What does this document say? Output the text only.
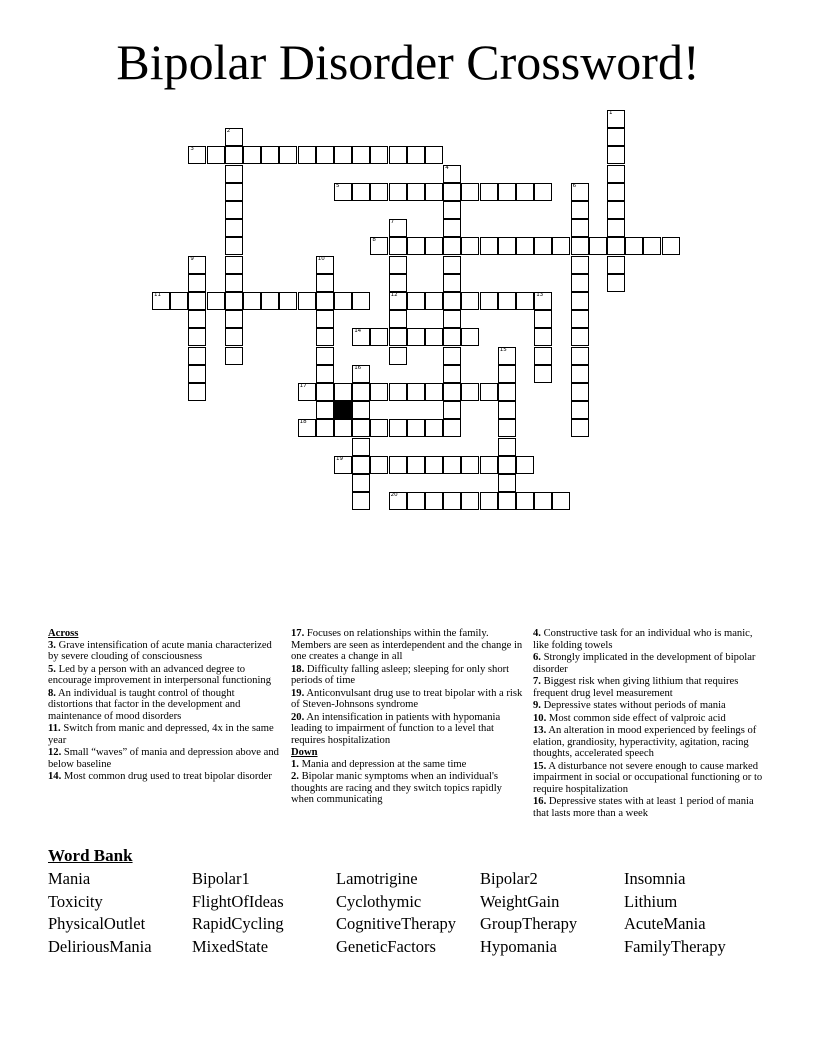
Bipolar Disorder Crossword!
1
2
3
4
5	6
7
12
8
9	10
11	13
14
15
16
17
18
19
20
Across
3. Grave intensification of acute mania characterized by severe clouding of consciousness
5. Led by a person with an advanced degree to encourage improvement in interpersonal functioning
8. An individual is taught control of thought distortions that factor in the development and maintenance of mood disorders
11. Switch from manic and depressed, 4x in the same year
12. Small “waves” of mania and depression above and below baseline
14. Most common drug used to treat bipolar disorder
17. Focuses on relationships within the family. Members are seen as interdependent and the change in one creates a change in all
18. Difficulty falling asleep; sleeping for only short periods of time
19. Anticonvulsant drug use to treat bipolar with a risk of Steven-Johnsons syndrome
20. An intensification in patients with hypomania leading to impairment of function to a level that requires hospitalization
Down
1. Mania and depression at the same time
2. Bipolar manic symptoms when an individual's thoughts are racing and they switch topics rapidly when communicating
4. Constructive task for an individual who is manic, like folding towels
6. Strongly implicated in the development of bipolar disorder
7. Biggest risk when giving lithium that requires frequent drug level measurement
9. Depressive states without periods of mania
10. Most common side effect of valproic acid
13. An alteration in mood experienced by feelings of elation, grandiosity, hyperactivity, agitation, racing thoughts, accelerated speech
15. A disturbance not severe enough to cause marked impairment in social or occupational functioning or to require hospitalization
16. Depressive states with at least 1 period of mania that lasts more than a week
Word Bank
Mania	Bipolar1	Lamotrigine	Bipolar2	Insomnia
Toxicity	FlightOfIdeas	Cyclothymic	WeightGain	Lithium
PhysicalOutlet	RapidCycling	CognitiveTherapy GroupTherapy	AcuteMania
DeliriousMania MixedState	GeneticFactors	Hypomania	FamilyTherapy
